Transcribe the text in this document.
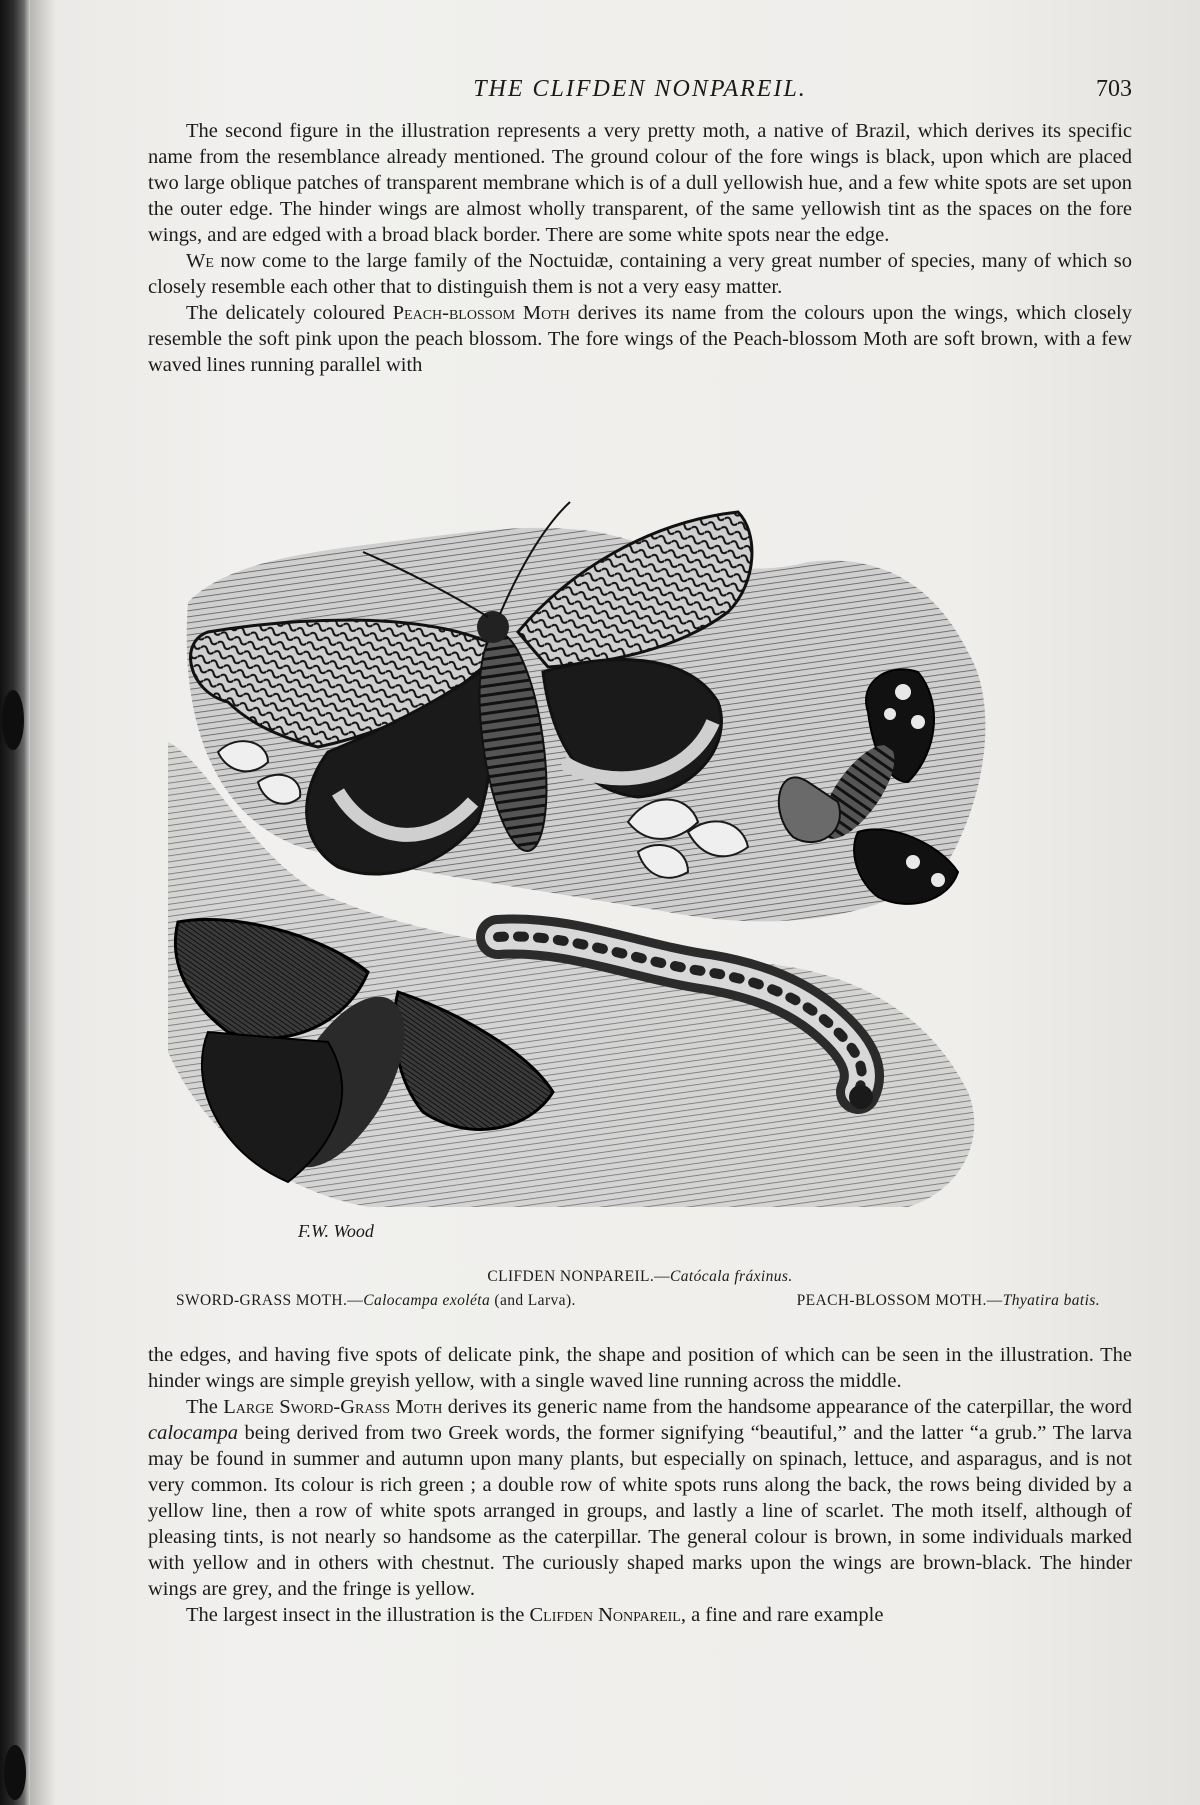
THE CLIFDEN NONPAREIL.	703

The second figure in the illustration represents a very pretty moth, a native of Brazil, which derives its specific name from the resemblance already mentioned. The ground colour of the fore wings is black, upon which are placed two large oblique patches of transparent membrane which is of a dull yellowish hue, and a few white spots are set upon the outer edge. The hinder wings are almost wholly transparent, of the same yellowish tint as the spaces on the fore wings, and are edged with a broad black border. There are some white spots near the edge.

We now come to the large family of the Noctuidæ, containing a very great number of species, many of which so closely resemble each other that to distinguish them is not a very easy matter.

The delicately coloured Peach-blossom Moth derives its name from the colours upon the wings, which closely resemble the soft pink upon the peach blossom. The fore wings of the Peach-blossom Moth are soft brown, with a few waved lines running parallel with

F.W. Wood
CLIFDEN NONPAREIL.—Catócala fráxinus.
SWORD-GRASS MOTH.—Calocampa exoléta (and Larva).	PEACH-BLOSSOM MOTH.—Thyatira batis.

the edges, and having five spots of delicate pink, the shape and position of which can be seen in the illustration. The hinder wings are simple greyish yellow, with a single waved line running across the middle.

The Large Sword-Grass Moth derives its generic name from the handsome appearance of the caterpillar, the word calocampa being derived from two Greek words, the former signifying “beautiful,” and the latter “a grub.” The larva may be found in summer and autumn upon many plants, but especially on spinach, lettuce, and asparagus, and is not very common. Its colour is rich green ; a double row of white spots runs along the back, the rows being divided by a yellow line, then a row of white spots arranged in groups, and lastly a line of scarlet. The moth itself, although of pleasing tints, is not nearly so handsome as the caterpillar. The general colour is brown, in some individuals marked with yellow and in others with chestnut. The curiously shaped marks upon the wings are brown-black. The hinder wings are grey, and the fringe is yellow.

The largest insect in the illustration is the Clifden Nonpareil, a fine and rare example
